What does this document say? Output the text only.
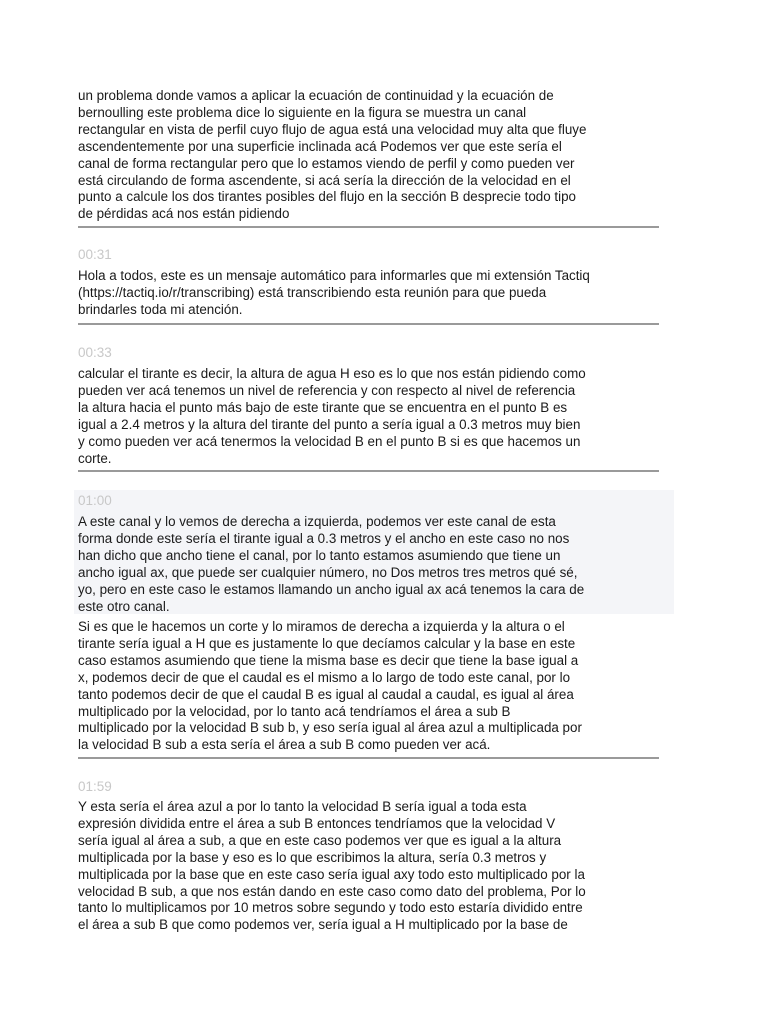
un problema donde vamos a aplicar la ecuación de continuidad y la ecuación de
bernoulling este problema dice lo siguiente en la figura se muestra un canal
rectangular en vista de perfil cuyo flujo de agua está una velocidad muy alta que fluye
ascendentemente por una superficie inclinada acá Podemos ver que este sería el
canal de forma rectangular pero que lo estamos viendo de perfil y como pueden ver
está circulando de forma ascendente, si acá sería la dirección de la velocidad en el
punto a calcule los dos tirantes posibles del flujo en la sección B desprecie todo tipo
de pérdidas acá nos están pidiendo
00:31
Hola a todos, este es un mensaje automático para informarles que mi extensión Tactiq
(https://tactiq.io/r/transcribing) está transcribiendo esta reunión para que pueda
brindarles toda mi atención.
00:33
calcular el tirante es decir, la altura de agua H eso es lo que nos están pidiendo como
pueden ver acá tenemos un nivel de referencia y con respecto al nivel de referencia
la altura hacia el punto más bajo de este tirante que se encuentra en el punto B es
igual a 2.4 metros y la altura del tirante del punto a sería igual a 0.3 metros muy bien
y como pueden ver acá tenermos la velocidad B en el punto B si es que hacemos un
corte.
01:00
A este canal y lo vemos de derecha a izquierda, podemos ver este canal de esta
forma donde este sería el tirante igual a 0.3 metros y el ancho en este caso no nos
han dicho que ancho tiene el canal, por lo tanto estamos asumiendo que tiene un
ancho igual ax, que puede ser cualquier número, no Dos metros tres metros qué sé,
yo, pero en este caso le estamos llamando un ancho igual ax acá tenemos la cara de
este otro canal.
Si es que le hacemos un corte y lo miramos de derecha a izquierda y la altura o el
tirante sería igual a H que es justamente lo que decíamos calcular y la base en este
caso estamos asumiendo que tiene la misma base es decir que tiene la base igual a
x, podemos decir de que el caudal es el mismo a lo largo de todo este canal, por lo
tanto podemos decir de que el caudal B es igual al caudal a caudal, es igual al área
multiplicado por la velocidad, por lo tanto acá tendríamos el área a sub B
multiplicado por la velocidad B sub b, y eso sería igual al área azul a multiplicada por
la velocidad B sub a esta sería el área a sub B como pueden ver acá.
01:59
Y esta sería el área azul a por lo tanto la velocidad B sería igual a toda esta
expresión dividida entre el área a sub B entonces tendríamos que la velocidad V
sería igual al área a sub, a que en este caso podemos ver que es igual a la altura
multiplicada por la base y eso es lo que escribimos la altura, sería 0.3 metros y
multiplicada por la base que en este caso sería igual axy todo esto multiplicado por la
velocidad B sub, a que nos están dando en este caso como dato del problema, Por lo
tanto lo multiplicamos por 10 metros sobre segundo y todo esto estaría dividido entre
el área a sub B que como podemos ver, sería igual a H multiplicado por la base de
